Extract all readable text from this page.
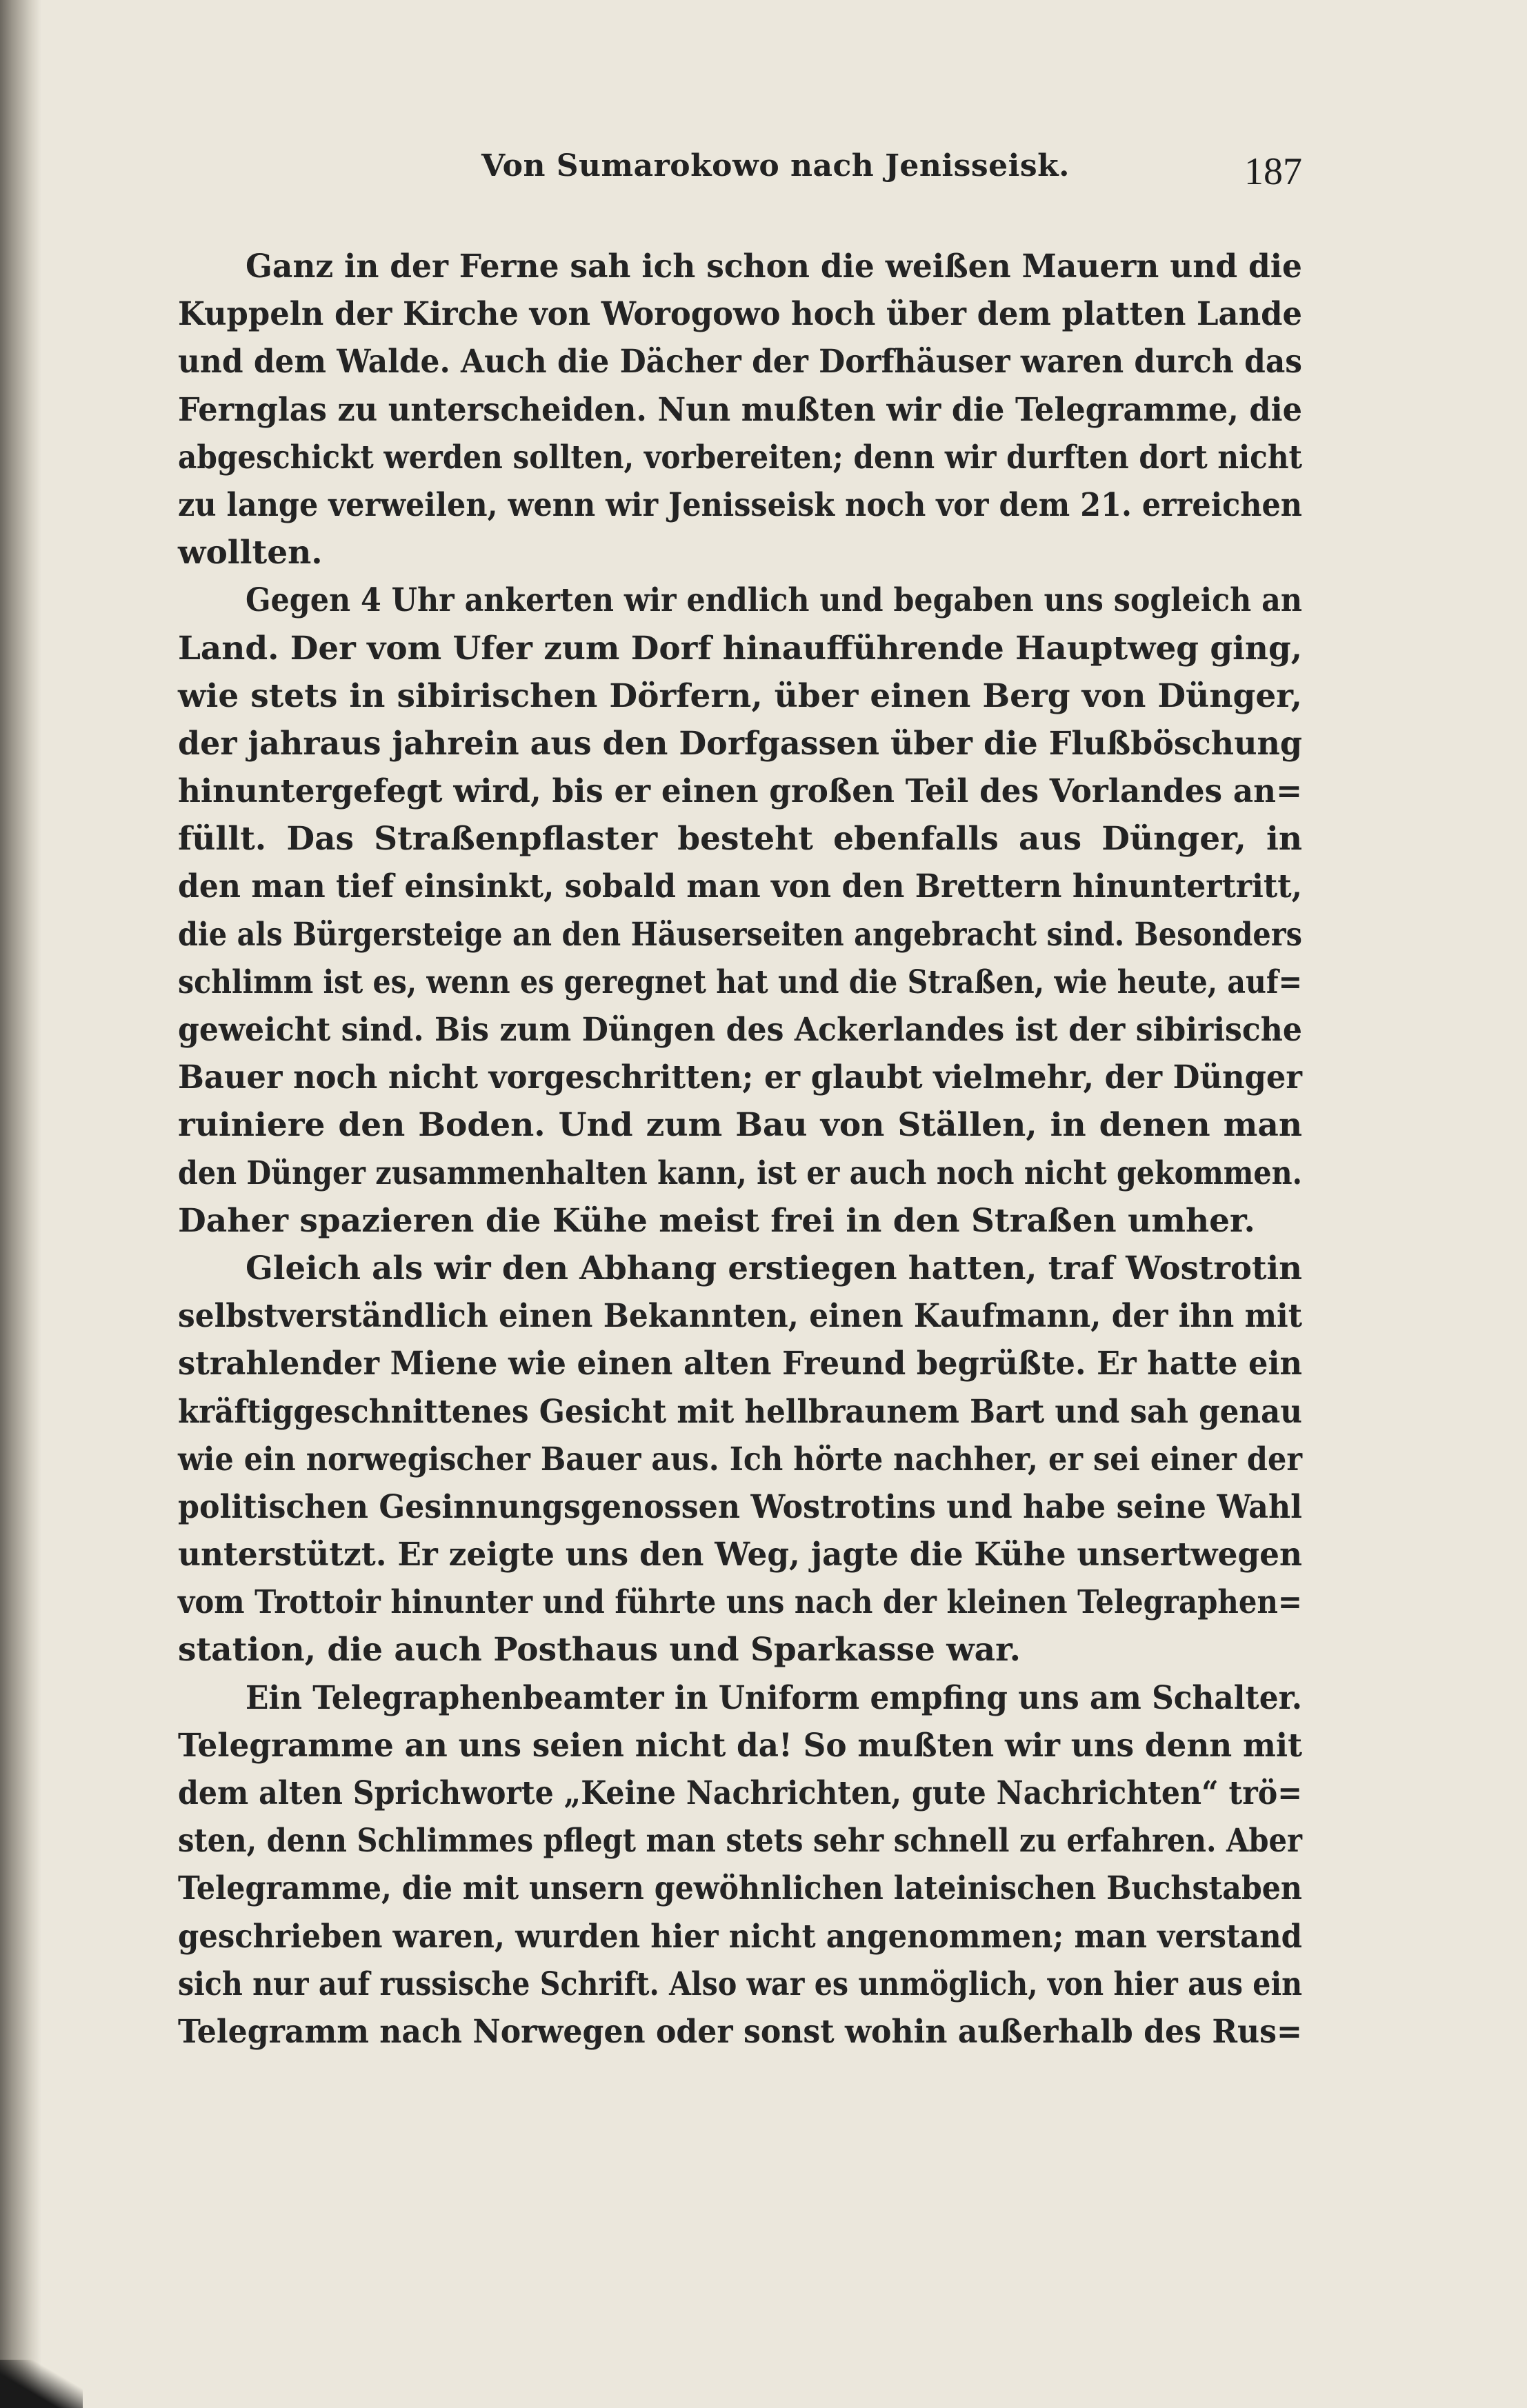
Von Sumarokowo nach Jenisseisk.	187
Ganz in der Ferne sah ich schon die weißen Mauern und die
Kuppeln der Kirche von Worogowo hoch über dem platten Lande
und dem Walde. Auch die Dächer der Dorfhäuser waren durch das
Fernglas zu unterscheiden. Nun mußten wir die Telegramme, die
abgeschickt werden sollten, vorbereiten; denn wir durften dort nicht
zu lange verweilen, wenn wir Jenisseisk noch vor dem 21. erreichen
wollten.
Gegen 4 Uhr ankerten wir endlich und begaben uns sogleich an
Land. Der vom Ufer zum Dorf hinaufführende Hauptweg ging,
wie stets in sibirischen Dörfern, über einen Berg von Dünger,
der jahraus jahrein aus den Dorfgassen über die Flußböschung
hinuntergefegt wird, bis er einen großen Teil des Vorlandes an=
füllt. Das Straßenpflaster besteht ebenfalls aus Dünger, in
den man tief einsinkt, sobald man von den Brettern hinuntertritt,
die als Bürgersteige an den Häuserseiten angebracht sind. Besonders
schlimm ist es, wenn es geregnet hat und die Straßen, wie heute, auf=
geweicht sind. Bis zum Düngen des Ackerlandes ist der sibirische
Bauer noch nicht vorgeschritten; er glaubt vielmehr, der Dünger
ruiniere den Boden. Und zum Bau von Ställen, in denen man
den Dünger zusammenhalten kann, ist er auch noch nicht gekommen.
Daher spazieren die Kühe meist frei in den Straßen umher.
Gleich als wir den Abhang erstiegen hatten, traf Wostrotin
selbstverständlich einen Bekannten, einen Kaufmann, der ihn mit
strahlender Miene wie einen alten Freund begrüßte. Er hatte ein
kräftiggeschnittenes Gesicht mit hellbraunem Bart und sah genau
wie ein norwegischer Bauer aus. Ich hörte nachher, er sei einer der
politischen Gesinnungsgenossen Wostrotins und habe seine Wahl
unterstützt. Er zeigte uns den Weg, jagte die Kühe unsertwegen
vom Trottoir hinunter und führte uns nach der kleinen Telegraphen=
station, die auch Posthaus und Sparkasse war.
Ein Telegraphenbeamter in Uniform empfing uns am Schalter.
Telegramme an uns seien nicht da! So mußten wir uns denn mit
dem alten Sprichworte „Keine Nachrichten, gute Nachrichten“ trö=
sten, denn Schlimmes pflegt man stets sehr schnell zu erfahren. Aber
Telegramme, die mit unsern gewöhnlichen lateinischen Buchstaben
geschrieben waren, wurden hier nicht angenommen; man verstand
sich nur auf russische Schrift. Also war es unmöglich, von hier aus ein
Telegramm nach Norwegen oder sonst wohin außerhalb des Rus=
